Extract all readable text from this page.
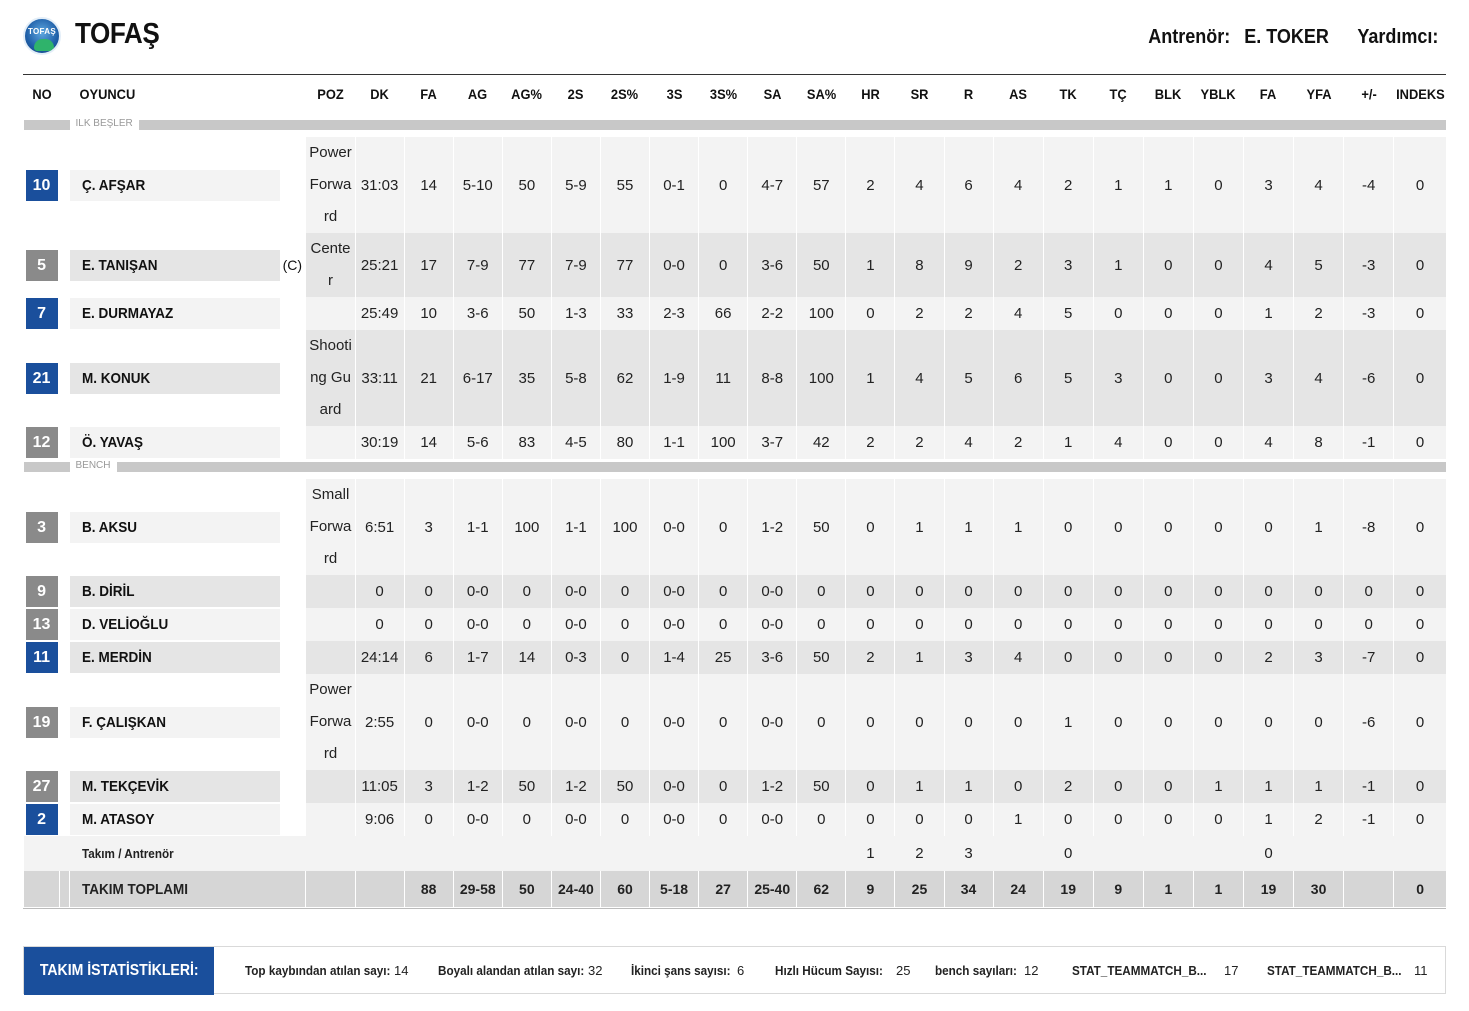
TOFAŞ TOFAŞ	Antrenör: E. TOKER Yardımcı:
NO		OYUNCU	POZ	DK	FA	AG	AG%	2S	2S%	3S	3S%	SA	SA%	HR	SR	R	AS	TK	TÇ	BLK	YBLK	FA	YFA	+/-	INDEKS

ILK BEŞLER																									

10		Ç. AFŞAR	Power Forward	31:03	14	5-10	50	5-9	55	0-1	0	4-7	57	2	4	6	4	2	1	1	0	3	4	-4	0

5		E. TANIŞAN (C)	Center	25:21	17	7-9	77	7-9	77	0-0	0	3-6	50	1	8	9	2	3	1	0	0	4	5	-3	0

7		E. DURMAYAZ		25:49	10	3-6	50	1-3	33	2-3	66	2-2	100	0	2	2	4	5	0	0	0	1	2	-3	0

21		M. KONUK	Shooting Guard	33:11	21	6-17	35	5-8	62	1-9	11	8-8	100	1	4	5	6	5	3	0	0	3	4	-6	0

12		Ö. YAVAŞ		30:19	14	5-6	83	4-5	80	1-1	100	3-7	42	2	2	4	2	1	4	0	0	4	8	-1	0

BENCH																									

3		B. AKSU	Small Forward	6:51	3	1-1	100	1-1	100	0-0	0	1-2	50	0	1	1	1	0	0	0	0	0	1	-8	0

9		B. DİRİL		0	0	0-0	0	0-0	0	0-0	0	0-0	0	0	0	0	0	0	0	0	0	0	0	0	0

13		D. VELİOĞLU		0	0	0-0	0	0-0	0	0-0	0	0-0	0	0	0	0	0	0	0	0	0	0	0	0	0

11		E. MERDİN		24:14	6	1-7	14	0-3	0	1-4	25	3-6	50	2	1	3	4	0	0	0	0	2	3	-7	0

19		F. ÇALIŞKAN	Power Forward	2:55	0	0-0	0	0-0	0	0-0	0	0-0	0	0	0	0	0	1	0	0	0	0	0	-6	0

27		M. TEKÇEVİK		11:05	3	1-2	50	1-2	50	0-0	0	1-2	50	0	1	1	0	2	0	0	1	1	1	-1	0

2		M. ATASOY		9:06	0	0-0	0	0-0	0	0-0	0	0-0	0	0	0	0	1	0	0	0	0	1	2	-1	0
		Takım / Antrenör												1	2	3		0				0			
		TAKIM TOPLAMI			88	29-58	50	24-40	60	5-18	27	25-40	62	9	25	34	24	19	9	1	1	19	30		0
TAKIM İSTATİSTİKLERİ:	Top kaybından atılan sayı: 14 Boyalı alandan atılan sayı: 32 İkinci şans sayısı: 6 Hızlı Hücum Sayısı: 25 bench sayıları: 12	STAT_TEAMMATCH_B... 17 STAT_TEAMMATCH_B... 11
